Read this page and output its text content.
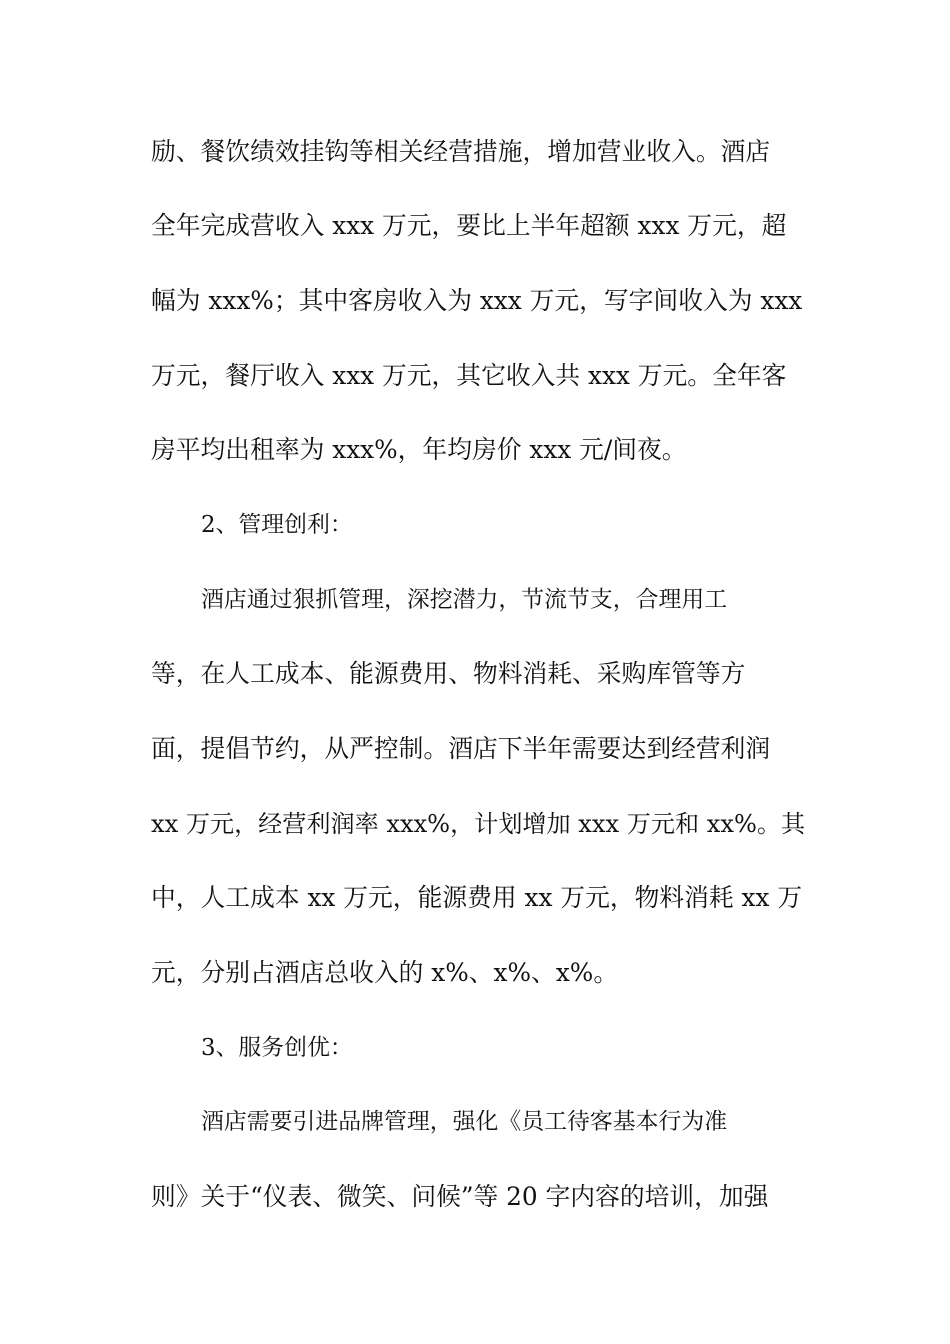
励、餐饮绩效挂钩等相关经营措施，增加营业收入。酒店
全年完成营收入 xxx 万元，要比上半年超额 xxx 万元，超
幅为 xxx%；其中客房收入为 xxx 万元，写字间收入为 xxx
万元，餐厅收入 xxx 万元，其它收入共 xxx 万元。全年客
房平均出租率为 xxx%，年均房价 xxx 元/间夜。
2、管理创利：
酒店通过狠抓管理，深挖潜力，节流节支，合理用工
等，在人工成本、能源费用、物料消耗、采购库管等方
面，提倡节约，从严控制。酒店下半年需要达到经营利润
xx 万元，经营利润率 xxx%，计划增加 xxx 万元和 xx%。其
中，人工成本 xx 万元，能源费用 xx 万元，物料消耗 xx 万
元，分别占酒店总收入的 x%、x%、x%。
3、服务创优：
酒店需要引进品牌管理，强化《员工待客基本行为准
则》关于“仪表、微笑、问候”等 20 字内容的培训，加强
